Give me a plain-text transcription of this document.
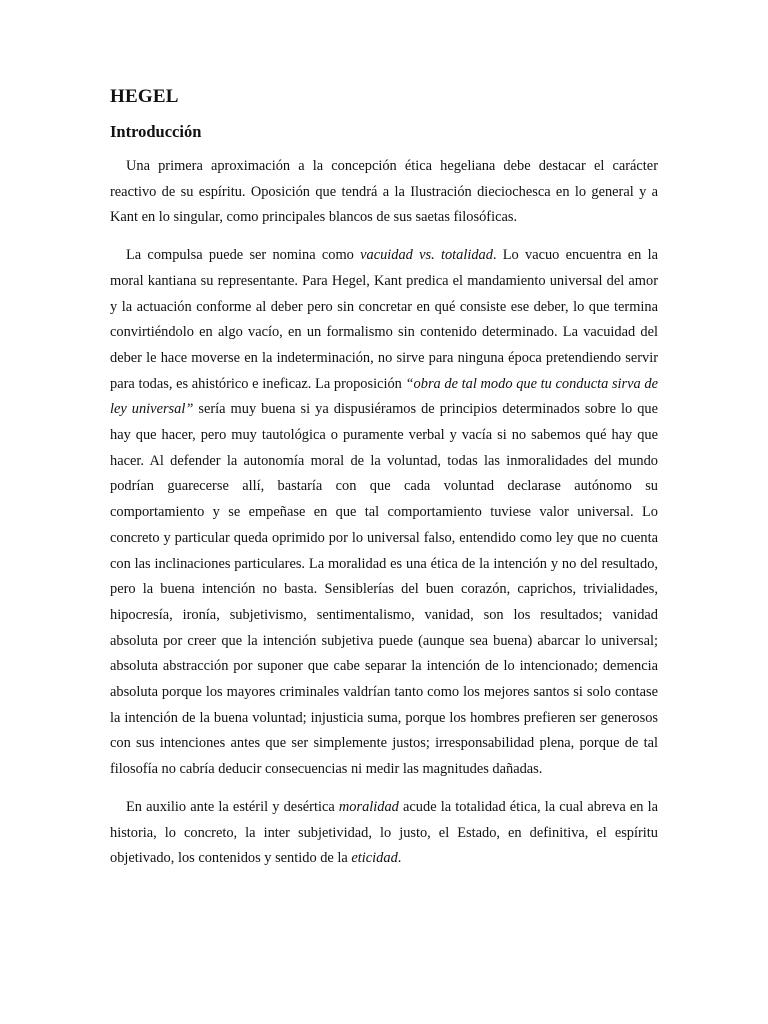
HEGEL
Introducción

Una primera aproximación a la concepción ética hegeliana debe destacar el carácter reactivo de su espíritu. Oposición que tendrá a la Ilustración dieciochesca en lo general y a Kant en lo singular, como principales blancos de sus saetas filosóficas.

La compulsa puede ser nomina como vacuidad vs. totalidad. Lo vacuo encuentra en la moral kantiana su representante. Para Hegel, Kant predica el mandamiento universal del amor y la actuación conforme al deber pero sin concretar en qué consiste ese deber, lo que termina convirtiéndolo en algo vacío, en un formalismo sin contenido determinado. La vacuidad del deber le hace moverse en la indeterminación, no sirve para ninguna época pretendiendo servir para todas, es ahistórico e ineficaz. La proposición “obra de tal modo que tu conducta sirva de ley universal” sería muy buena si ya dispusiéramos de principios determinados sobre lo que hay que hacer, pero muy tautológica o puramente verbal y vacía si no sabemos qué hay que hacer. Al defender la autonomía moral de la voluntad, todas las inmoralidades del mundo podrían guarecerse allí, bastaría con que cada voluntad declarase autónomo su comportamiento y se empeñase en que tal comportamiento tuviese valor universal. Lo concreto y particular queda oprimido por lo universal falso, entendido como ley que no cuenta con las inclinaciones particulares. La moralidad es una ética de la intención y no del resultado, pero la buena intención no basta. Sensiblerías del buen corazón, caprichos, trivialidades, hipocresía, ironía, subjetivismo, sentimentalismo, vanidad, son los resultados; vanidad absoluta por creer que la intención subjetiva puede (aunque sea buena) abarcar lo universal; absoluta abstracción por suponer que cabe separar la intención de lo intencionado; demencia absoluta porque los mayores criminales valdrían tanto como los mejores santos si solo contase la intención de la buena voluntad; injusticia suma, porque los hombres prefieren ser generosos con sus intenciones antes que ser simplemente justos; irresponsabilidad plena, porque de tal filosofía no cabría deducir consecuencias ni medir las magnitudes dañadas.

En auxilio ante la estéril y desértica moralidad acude la totalidad ética, la cual abreva en la historia, lo concreto, la inter subjetividad, lo justo, el Estado, en definitiva, el espíritu objetivado, los contenidos y sentido de la eticidad.
